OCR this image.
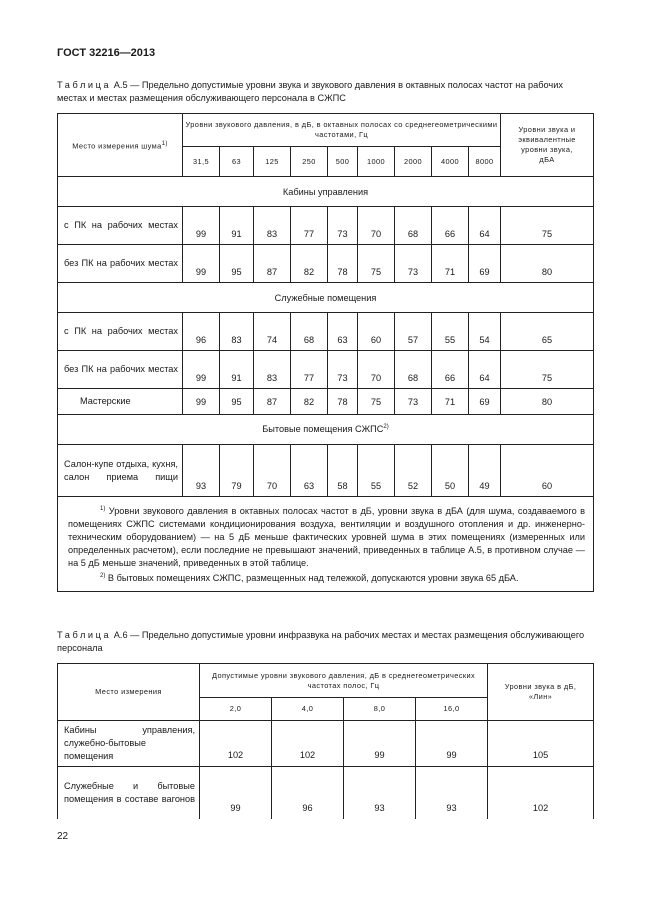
ГОСТ 32216—2013
Таблица А.5 — Предельно допустимые уровни звука и звукового давления в октавных полосах частот на рабочих местах и местах размещения обслуживающего персонала в СЖПС
Место измерения шума$^{1)}$	Уровни звукового давления, в дБ, в октавных полосах со среднегеометрическими частотами, Гц									Уровни звука и эквивалентные уровни звука, дБА
	31,5	63	125	250	500	1000	2000	4000	8000	
Кабины управления										
с ПК на рабочих местах	99	91	83	77	73	70	68	66	64	75
без ПК на рабочих местах	99	95	87	82	78	75	73	71	69	80
Служебные помещения										
с ПК на рабочих местах	96	83	74	68	63	60	57	55	54	65
без ПК на рабочих местах	99	91	83	77	73	70	68	66	64	75
Мастерские	99	95	87	82	78	75	73	71	69	80
Бытовые помещения СЖПС$^{2)}$
Салон-купе отдыха, кухня, салон приема пищи	93	79	70	63	58	55	52	50	49	60

$^{1)}$ Уровни звукового давления в октавных полосах частот в дБ, уровни звука в дБА (для шума, создаваемого в помещениях СЖПС системами кондиционирования воздуха, вентиляции и воздушного отопления и др. инженерно-техническим оборудованием) — на 5 дБ меньше фактических уровней шума в этих помещениях (измеренных или определенных расчетом), если последние не превышают значений, приведенных в таблице А.5, в противном случае — на 5 дБ меньше значений, приведенных в этой таблице.

$^{2)}$ В бытовых помещениях СЖПС, размещенных над тележкой, допускаются уровни звука 65 дБА.										

Таблица А.6 — Предельно допустимые уровни инфразвука на рабочих местах и местах размещения обслуживающего персонала
Место измерения	Допустимые уровни звукового давления, дБ в среднегеометрических частотах полос, Гц				Уровни звука в дБ, «Лин»
	2,0	4,0	8,0	16,0	
Кабины управления, служебно-бытовые помещения	102	102	99	99	105
Служебные и бытовые помещения в составе вагонов	99	96	93	93	102
22
